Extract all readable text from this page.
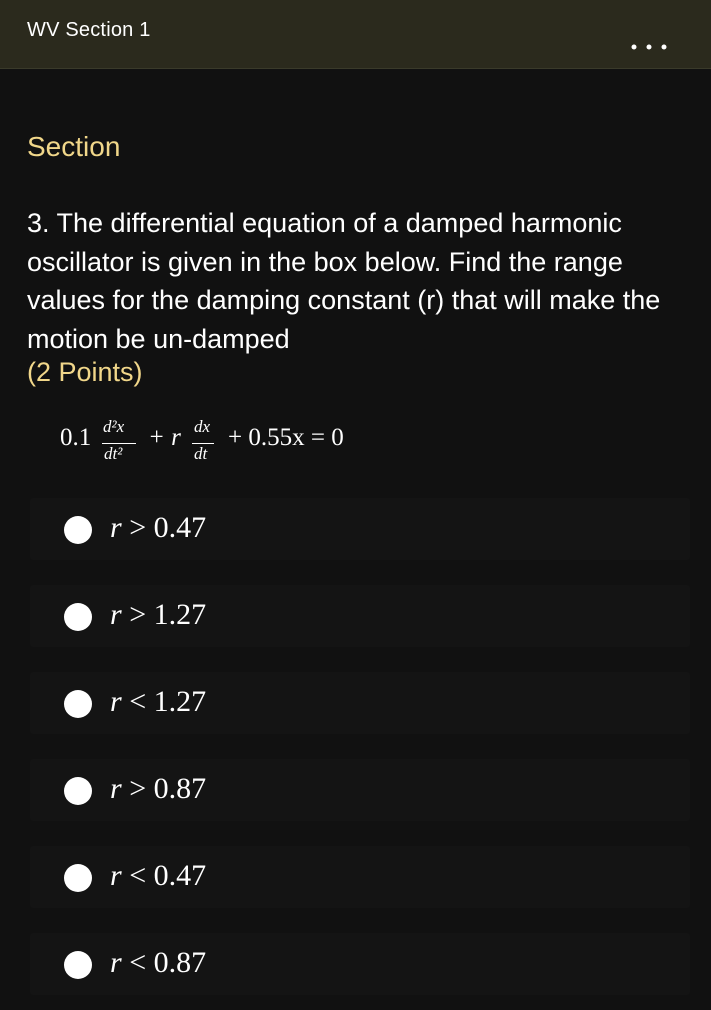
WV Section 1
Section
3. The differential equation of a damped harmonic oscillator is given in the box below. Find the range values for the damping constant (r) that will make the motion be un-damped
(2 Points)
0.1 d²x
dt²
+ r dx
dt
+ 0.55x = 0
r > 0.47
r > 1.27
r < 1.27
r > 0.87
r < 0.47
r < 0.87
